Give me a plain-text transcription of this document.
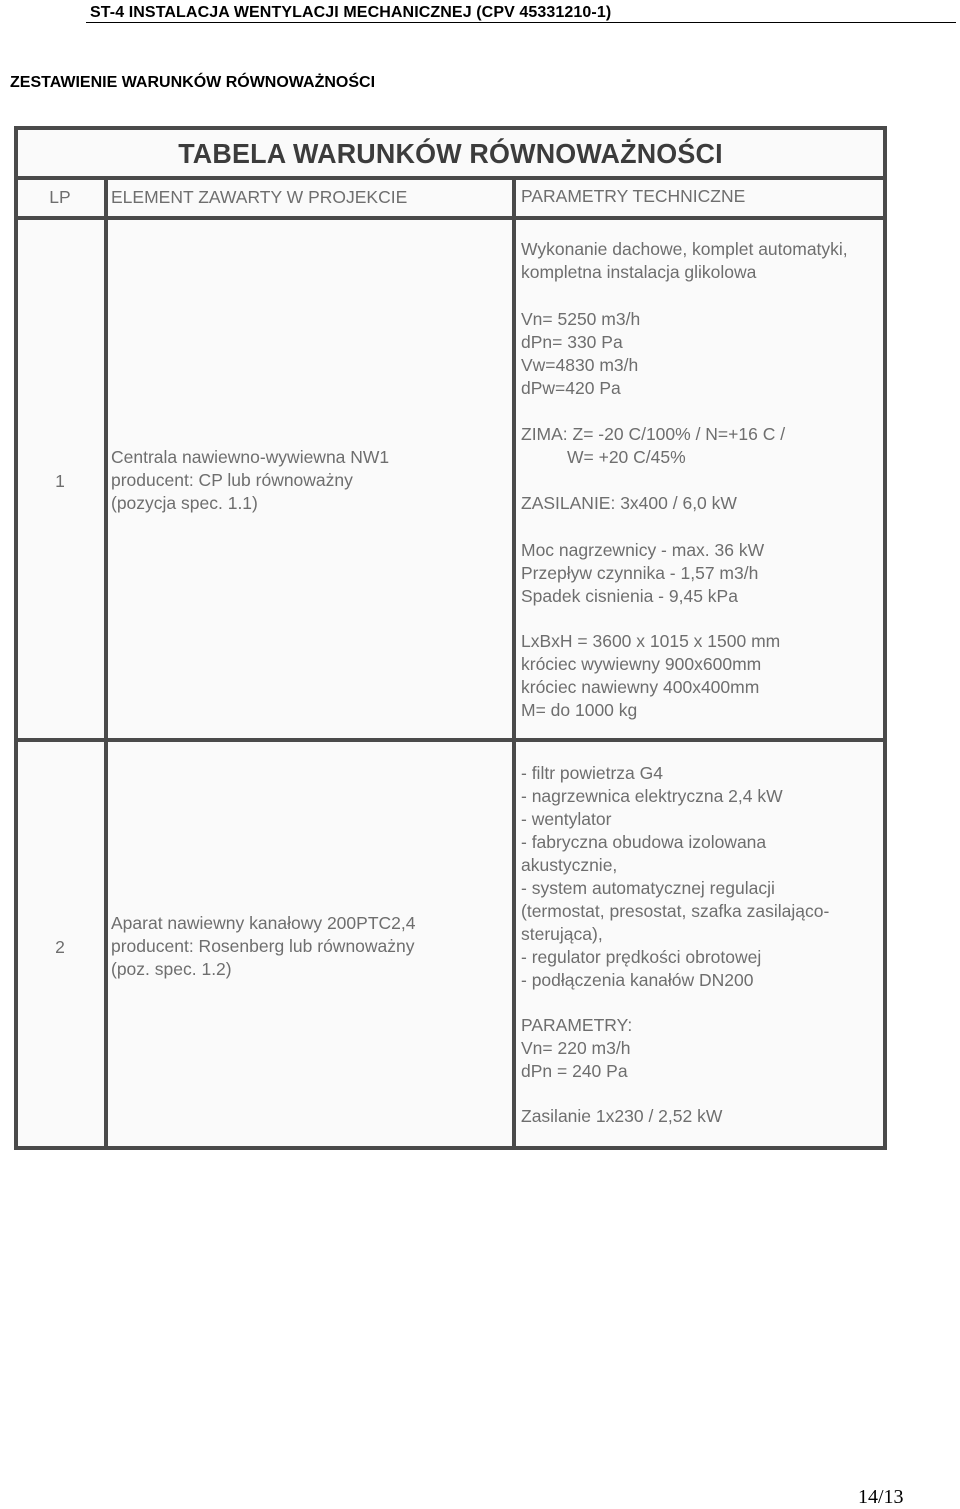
ST-4 INSTALACJA WENTYLACJI MECHANICZNEJ (CPV 45331210-1)
ZESTAWIENIE WARUNKÓW RÓWNOWAŻNOŚCI
TABELA WARUNKÓW RÓWNOWAŻNOŚCI
LP	ELEMENT ZAWARTY W PROJEKCIE	PARAMETRY TECHNICZNE
1
Centrala nawiewno-wywiewna NW1
producent: CP lub równoważny
(pozycja spec. 1.1)
Wykonanie dachowe, komplet automatyki,
kompletna instalacja glikolowa
Vn= 5250 m3/h
dPn= 330 Pa
Vw=4830 m3/h
dPw=420 Pa
ZIMA: Z= -20 C/100% / N=+16 C /
W= +20 C/45%
ZASILANIE: 3x400 / 6,0 kW
Moc nagrzewnicy - max. 36 kW
Przepływ czynnika - 1,57 m3/h
Spadek cisnienia - 9,45 kPa
LxBxH = 3600 x 1015 x 1500 mm
króciec wywiewny 900x600mm
króciec nawiewny 400x400mm
M= do 1000 kg
2
Aparat nawiewny kanałowy 200PTC2,4
producent: Rosenberg lub równoważny
(poz. spec. 1.2)
- filtr powietrza G4
- nagrzewnica elektryczna 2,4 kW
- wentylator
- fabryczna obudowa izolowana
akustycznie,
- system automatycznej regulacji
(termostat, presostat, szafka zasilająco-
sterująca),
- regulator prędkości obrotowej
- podłączenia kanałów DN200
PARAMETRY:
Vn= 220 m3/h
dPn = 240 Pa
Zasilanie 1x230 / 2,52 kW
14/13
